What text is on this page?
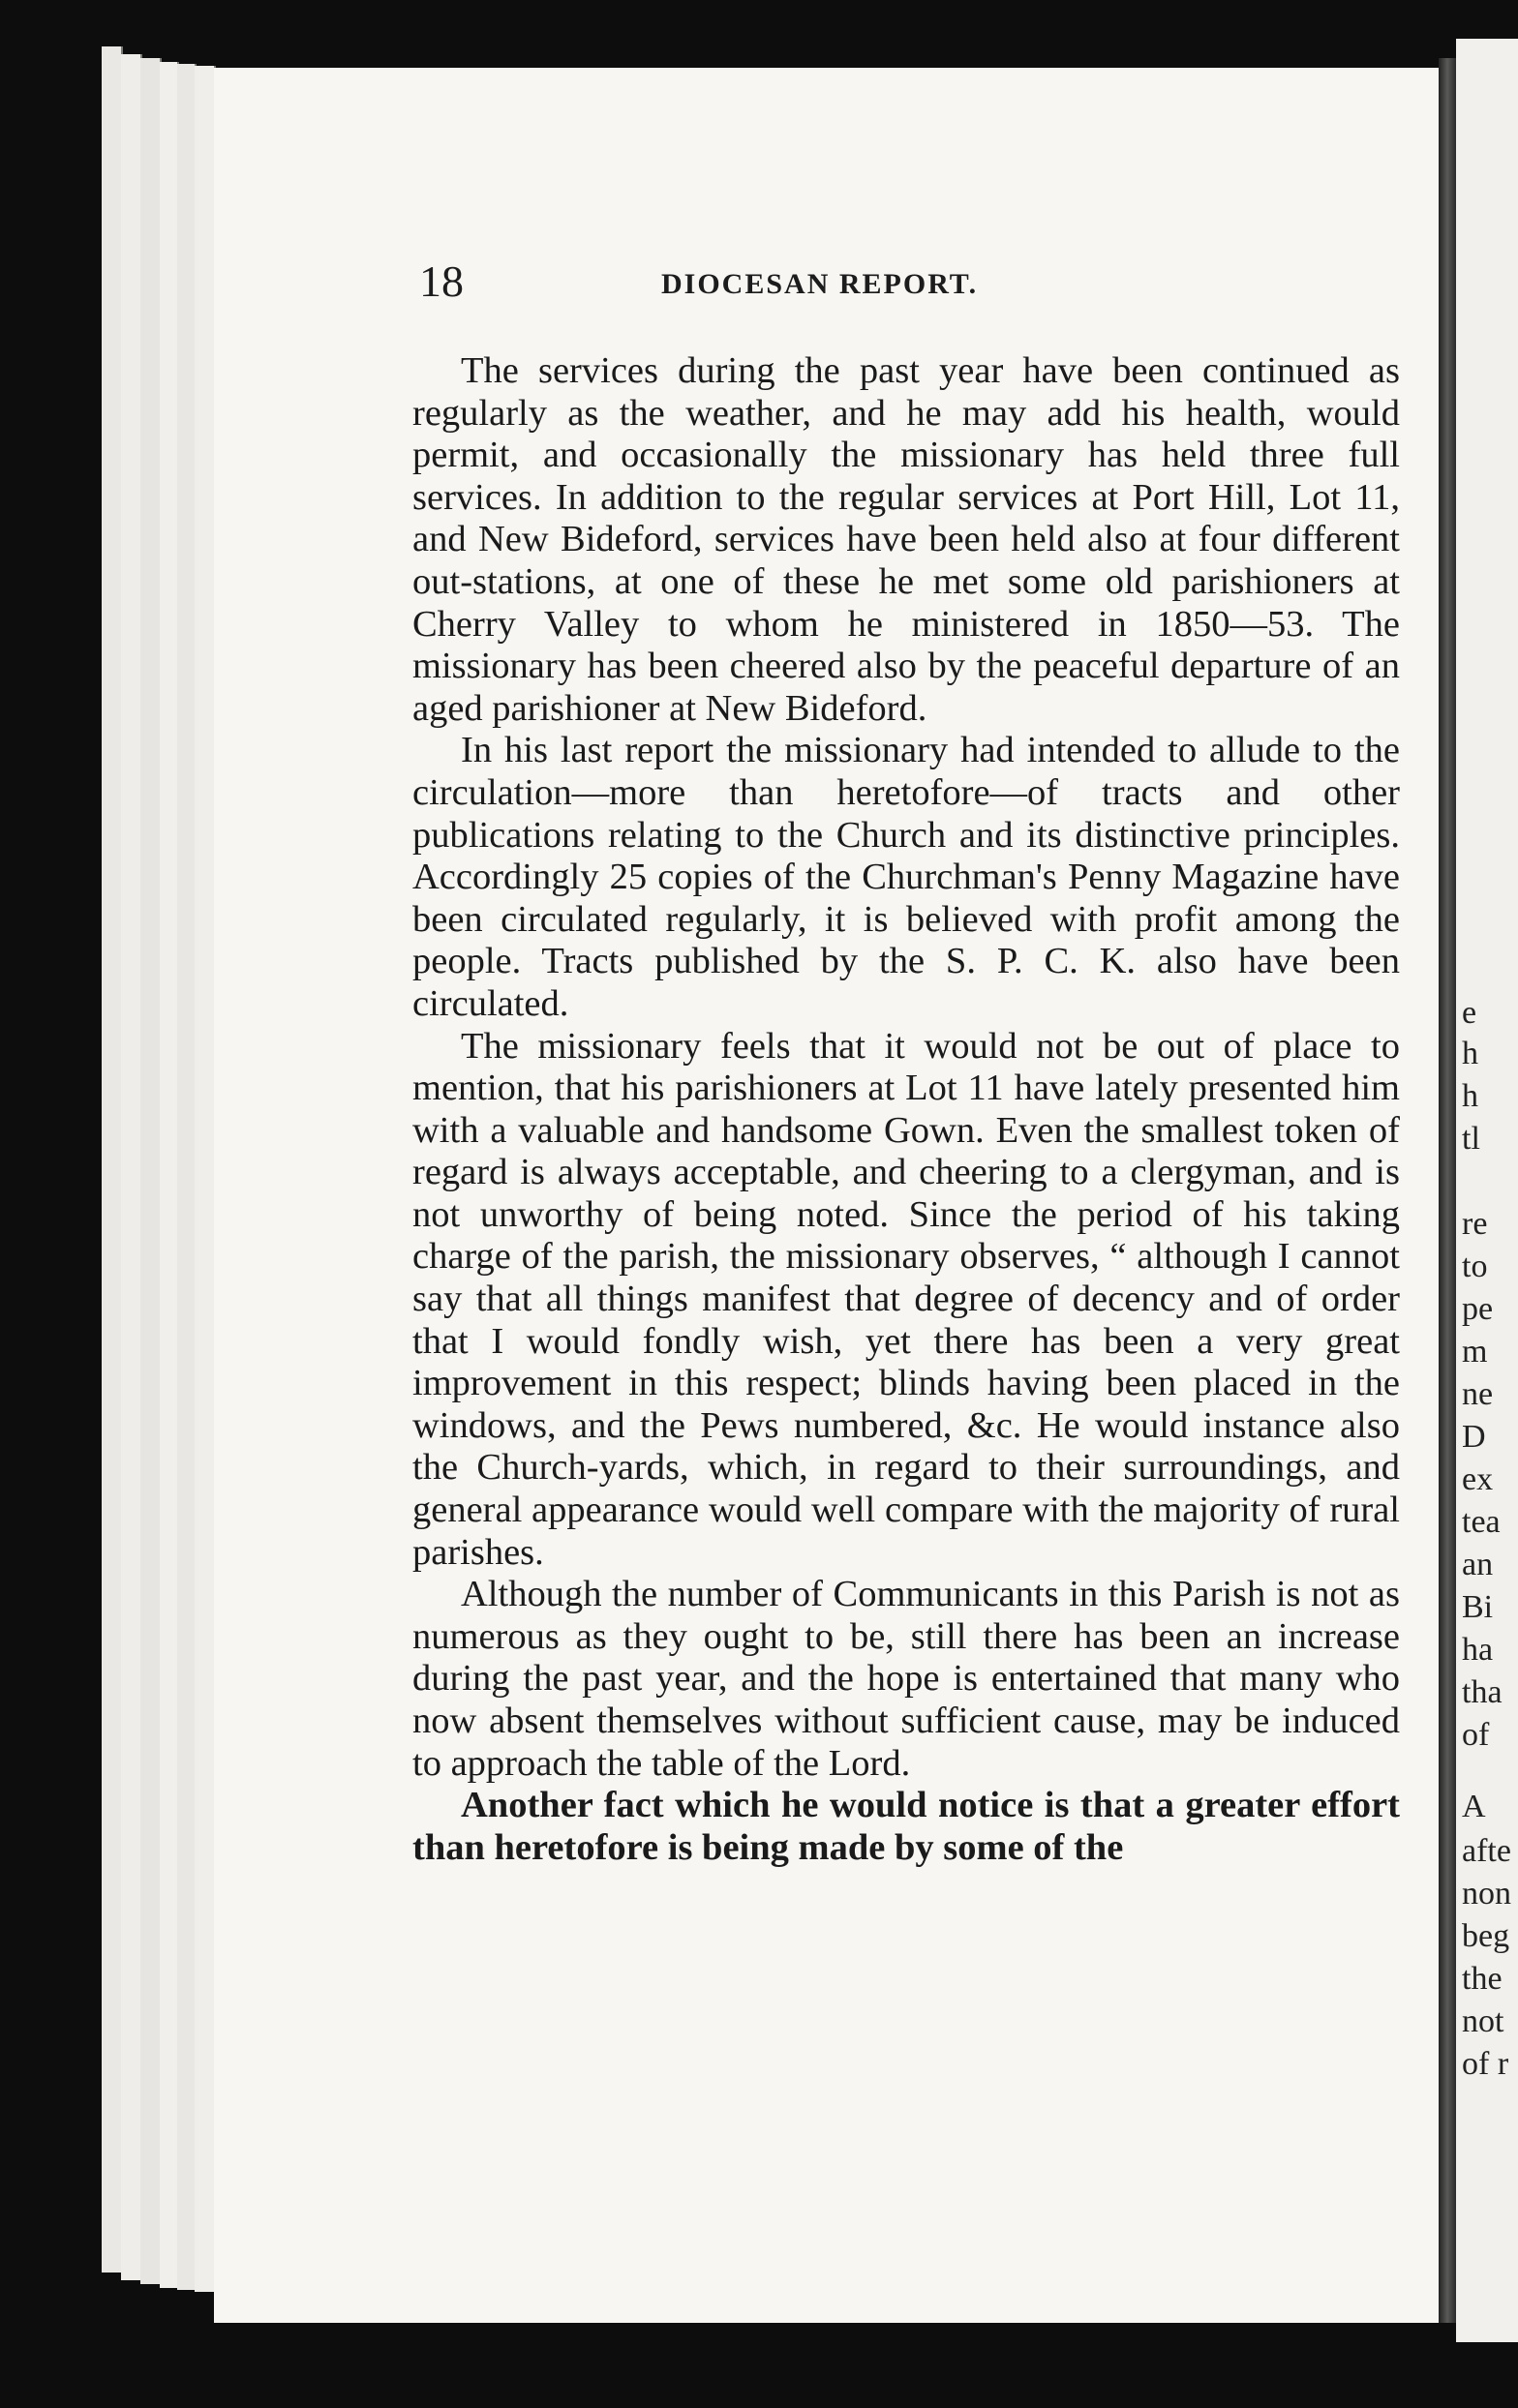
18	DIOCESAN REPORT.

The services during the past year have been continued as regularly as the weather, and he may add his health, would permit, and occasionally the missionary has held three full services. In addition to the regular services at Port Hill, Lot 11, and New Bideford, services have been held also at four different out-stations, at one of these he met some old parishioners at Cherry Valley to whom he ministered in 1850—53. The missionary has been cheered also by the peaceful departure of an aged parishioner at New Bideford.

In his last report the missionary had intended to allude to the circulation—more than heretofore—of tracts and other publications relating to the Church and its distinctive principles. Accordingly 25 copies of the Churchman's Penny Magazine have been circulated regularly, it is believed with profit among the people. Tracts published by the S. P. C. K. also have been circulated.

The missionary feels that it would not be out of place to mention, that his parishioners at Lot 11 have lately presented him with a valuable and handsome Gown. Even the smallest token of regard is always acceptable, and cheering to a clergyman, and is not unworthy of being noted. Since the period of his taking charge of the parish, the missionary observes, “ although I cannot say that all things manifest that degree of decency and of order that I would fondly wish, yet there has been a very great improvement in this respect; blinds having been placed in the windows, and the Pews numbered, &c. He would instance also the Church-yards, which, in regard to their surroundings, and general appearance would well compare with the majority of rural parishes.

Although the number of Communicants in this Parish is not as numerous as they ought to be, still there has been an increase during the past year, and the hope is entertained that many who now absent themselves without sufficient cause, may be induced to approach the table of the Lord.

Another fact which he would notice is that a greater effort than heretofore is being made by some of the

e
h
h
tl
re
to
pe
m
ne
D
ex
tea
an
Bi
ha
tha
of
A
afte
non
beg
the
not
of r
